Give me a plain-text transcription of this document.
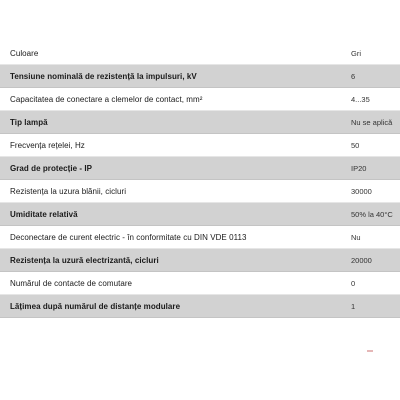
Culoare	Gri
Tensiune nominală de rezistență la impulsuri, kV	6
Capacitatea de conectare a clemelor de contact, mm²	4...35
Tip lampă	Nu se aplică
Frecvența rețelei, Hz	50
Grad de protecție - IP	IP20
Rezistența la uzura blănii, cicluri	30000
Umiditate relativă	50% la 40°C
Deconectare de curent electric - în conformitate cu DIN VDE 0113	Nu
Rezistența la uzură electrizantă, cicluri	20000
Numărul de contacte de comutare	0
Lățimea după numărul de distanțe modulare	1
